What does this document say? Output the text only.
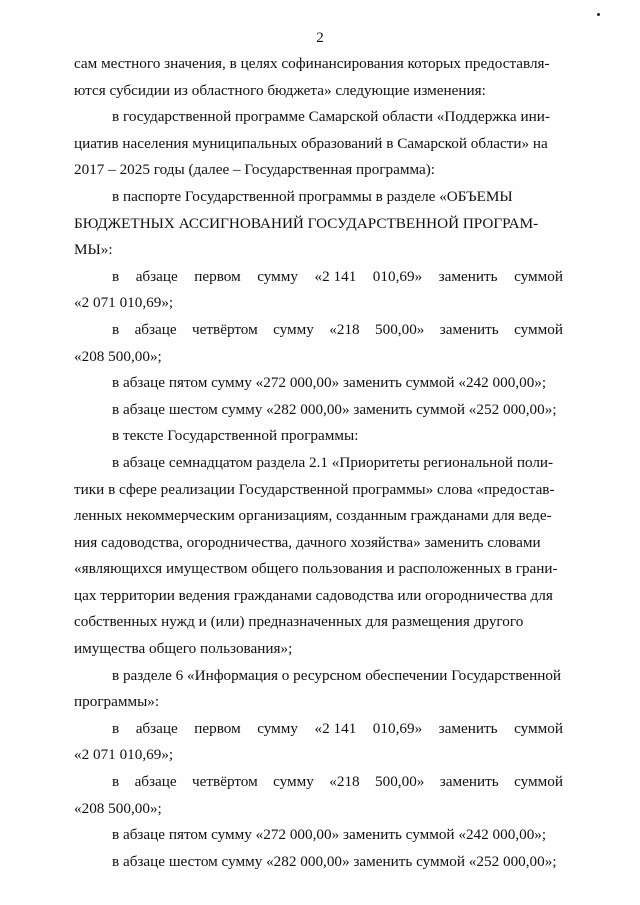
2
сам местного значения, в целях софинансирования которых предоставля-
ются субсидии из областного бюджета» следующие изменения:
в государственной программе Самарской области «Поддержка ини-
циатив населения муниципальных образований в Самарской области» на
2017 – 2025 годы (далее – Государственная программа):
в паспорте Государственной программы в разделе «ОБЪЕМЫ
БЮДЖЕТНЫХ АССИГНОВАНИЙ ГОСУДАРСТВЕННОЙ ПРОГРАМ-
МЫ»:
в абзаце первом сумму «2 141 010,69» заменить суммой
«2 071 010,69»;
в абзаце четвёртом сумму «218 500,00» заменить суммой
«208 500,00»;
в абзаце пятом сумму «272 000,00» заменить суммой «242 000,00»;
в абзаце шестом сумму «282 000,00» заменить суммой «252 000,00»;
в тексте Государственной программы:
в абзаце семнадцатом раздела 2.1 «Приоритеты региональной поли-
тики в сфере реализации Государственной программы» слова «предостав-
ленных некоммерческим организациям, созданным гражданами для веде-
ния садоводства, огородничества, дачного хозяйства» заменить словами
«являющихся имуществом общего пользования и расположенных в грани-
цах территории ведения гражданами садоводства или огородничества для
собственных нужд и (или) предназначенных для размещения другого
имущества общего пользования»;
в разделе 6 «Информация о ресурсном обеспечении Государственной
программы»:
в абзаце первом сумму «2 141 010,69» заменить суммой
«2 071 010,69»;
в абзаце четвёртом сумму «218 500,00» заменить суммой
«208 500,00»;
в абзаце пятом сумму «272 000,00» заменить суммой «242 000,00»;
в абзаце шестом сумму «282 000,00» заменить суммой «252 000,00»;
